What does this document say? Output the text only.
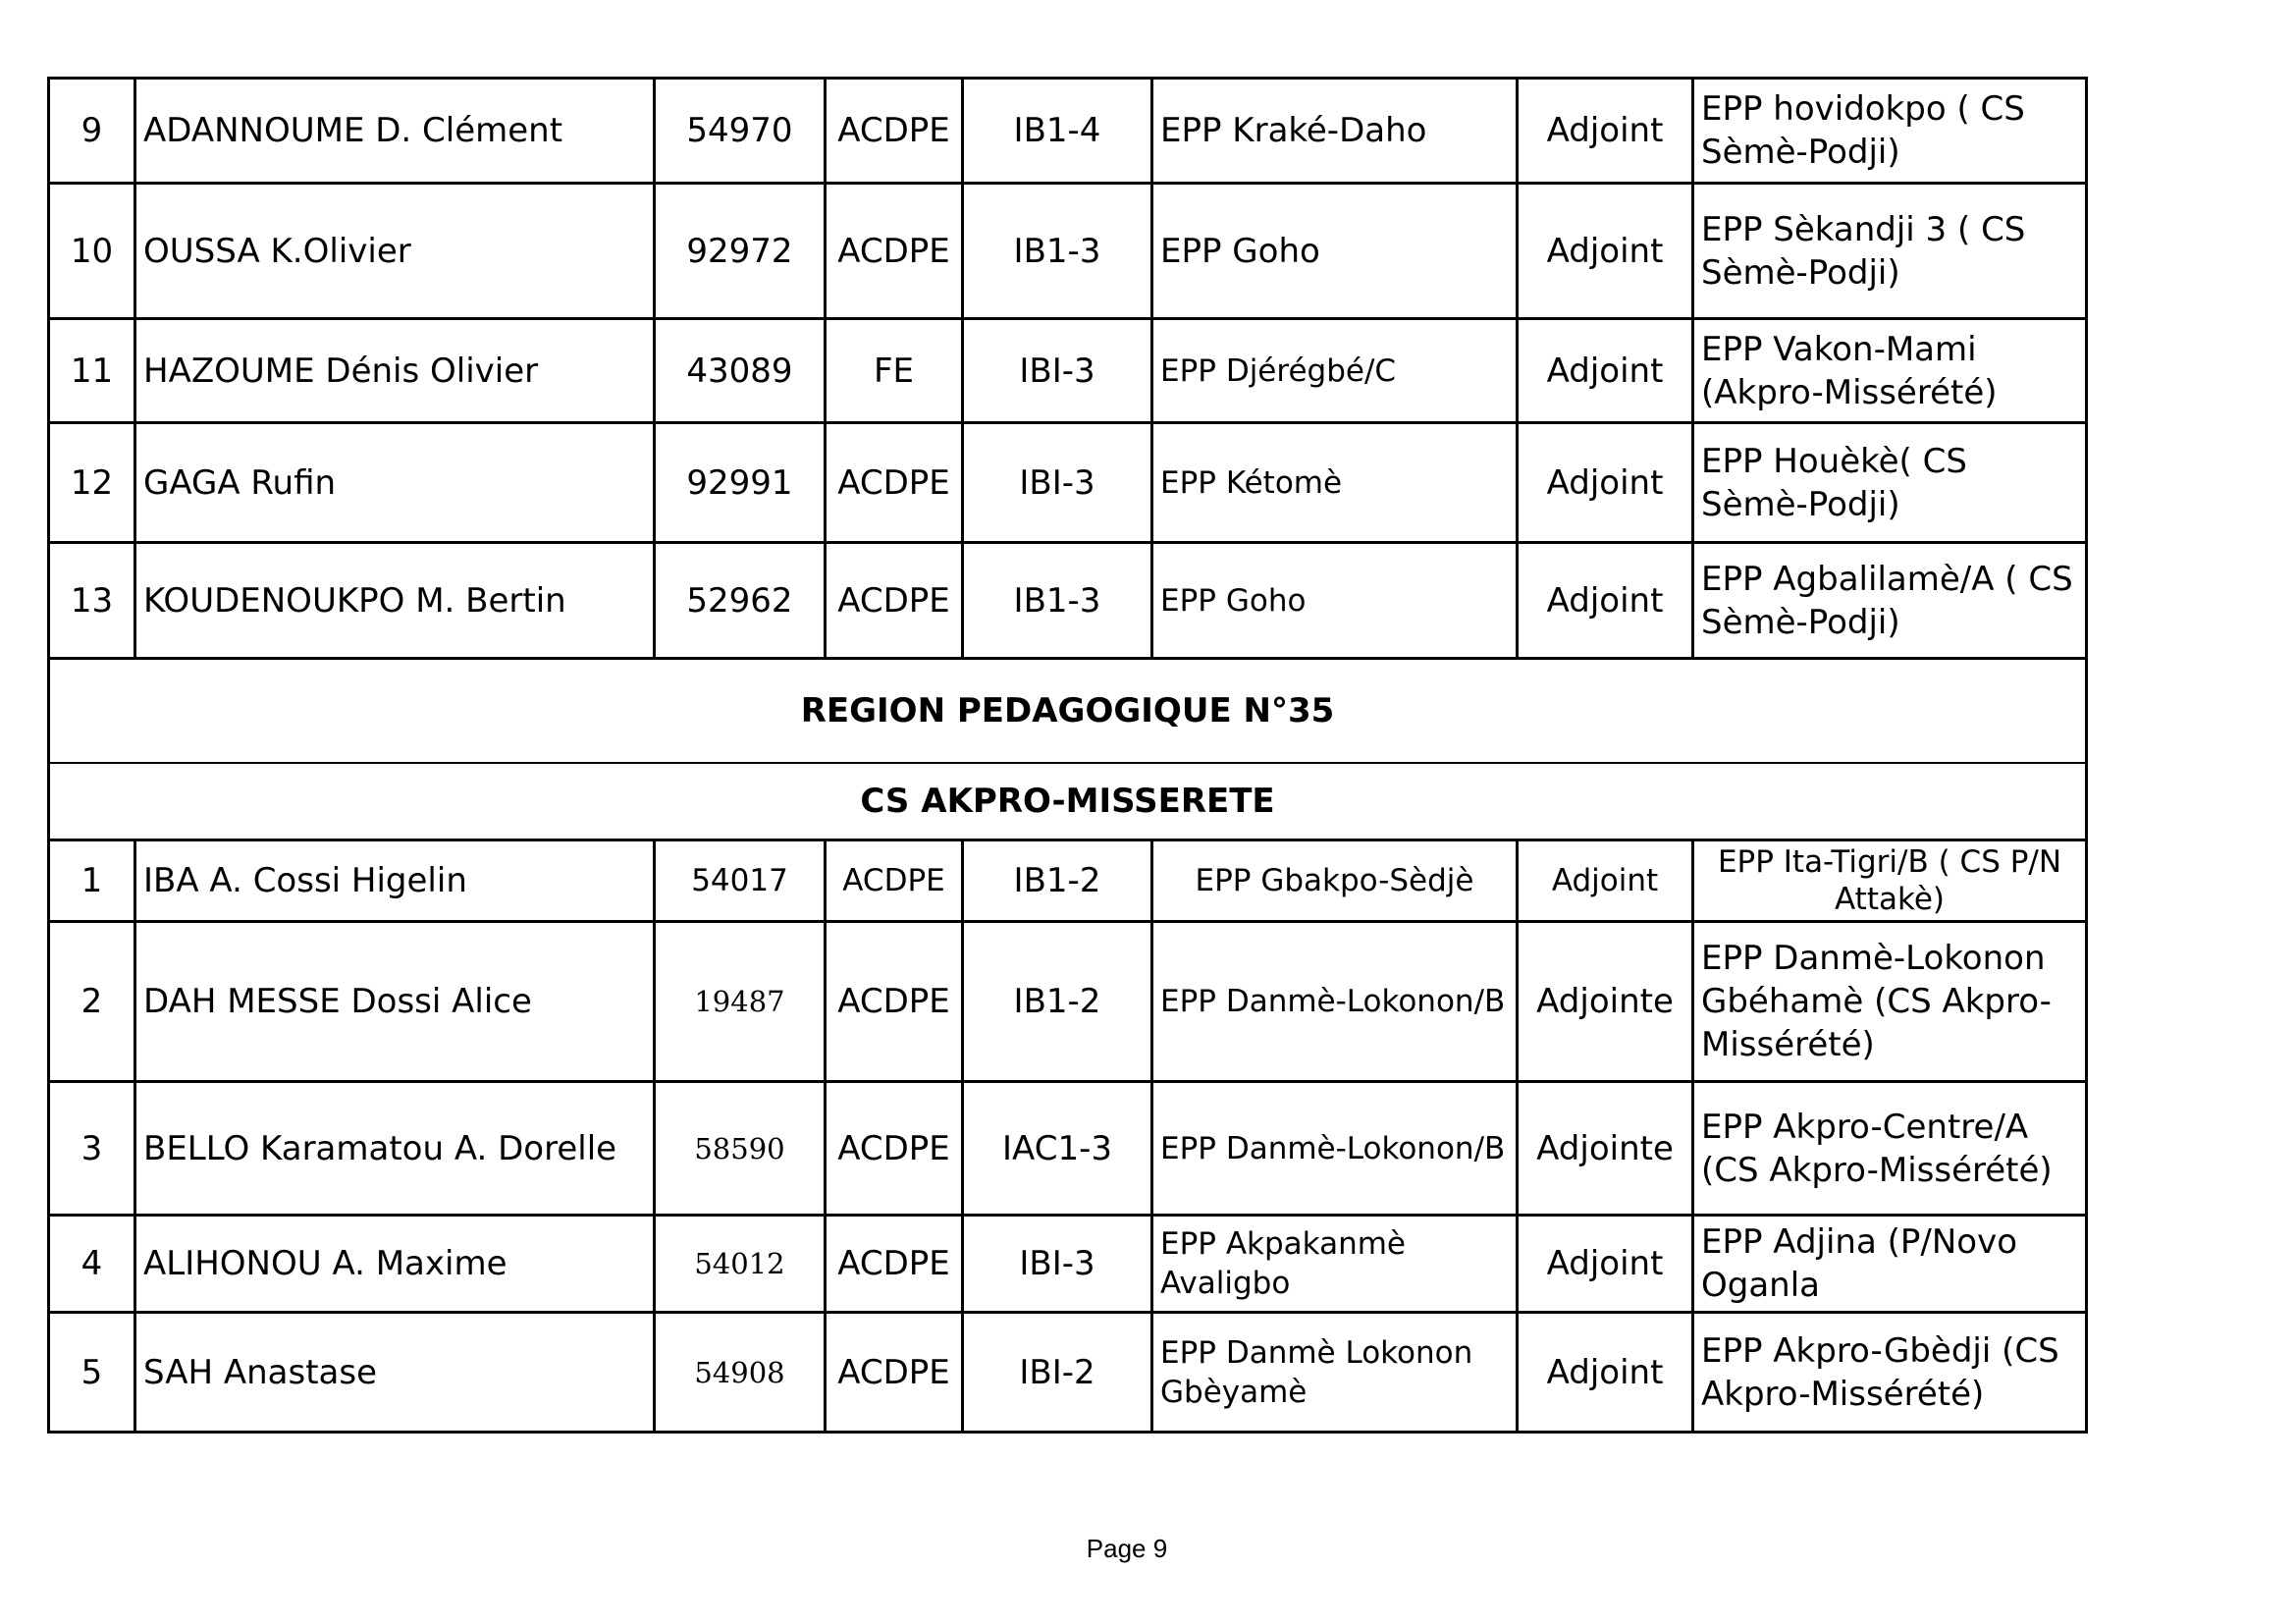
9	ADANNOUME D. Clément	54970	ACDPE	IB1-4	EPP Kraké-Daho	Adjoint	EPP hovidokpo ( CS Sèmè-Podji)
10	OUSSA K.Olivier	92972	ACDPE	IB1-3	EPP Goho	Adjoint	EPP Sèkandji 3 ( CS Sèmè-Podji)
11	HAZOUME Dénis Olivier	43089	FE	IBI-3	EPP Djérégbé/C	Adjoint	EPP Vakon-Mami (Akpro-Missérété)
12	GAGA Rufin	92991	ACDPE	IBI-3	EPP Kétomè	Adjoint	EPP Houèkè( CS Sèmè-Podji)
13	KOUDENOUKPO M. Bertin	52962	ACDPE	IB1-3	EPP Goho	Adjoint	EPP Agbalilamè/A ( CS Sèmè-Podji)
REGION PEDAGOGIQUE N°35							
CS AKPRO-MISSERETE							
1	IBA A. Cossi Higelin	54017	ACDPE	IB1-2	EPP Gbakpo-Sèdjè	Adjoint	EPP Ita-Tigri/B ( CS P/N Attakè)
2	DAH MESSE Dossi Alice	19487	ACDPE	IB1-2	EPP Danmè-Lokonon/B	Adjointe	EPP Danmè-Lokonon Gbéhamè (CS Akpro-Missérété)
3	BELLO Karamatou A. Dorelle	58590	ACDPE	IAC1-3	EPP Danmè-Lokonon/B	Adjointe	EPP Akpro-Centre/A (CS Akpro-Missérété)
4	ALIHONOU A. Maxime	54012	ACDPE	IBI-3	EPP Akpakanmè Avaligbo	Adjoint	EPP Adjina (P/Novo Oganla
5	SAH Anastase	54908	ACDPE	IBI-2	EPP Danmè Lokonon Gbèyamè	Adjoint	EPP Akpro-Gbèdji (CS Akpro-Missérété)
Page 9
